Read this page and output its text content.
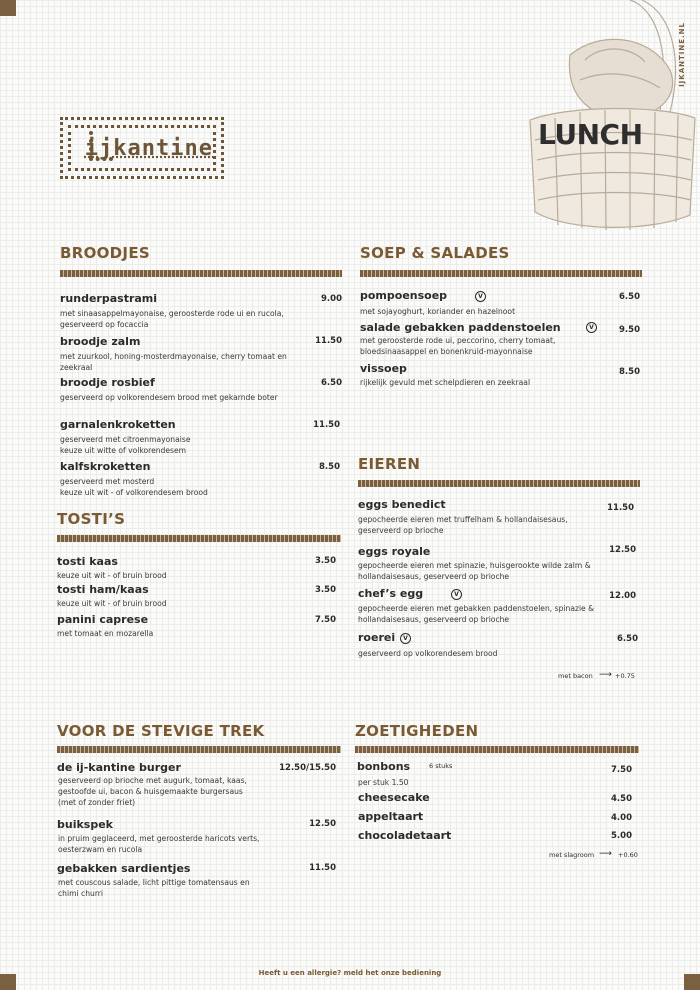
IJKANTINE.NL
ijkantine	LUNCH
BROODJES
runderpastrami	9.00
met sinaasappelmayonaise, geroosterde rode ui en rucola, geserveerd op focaccia
broodje zalm	11.50
met zuurkool, honing-mosterdmayonaise, cherry tomaat en zeekraal
broodje rosbief	6.50
geserveerd op volkorendesem brood met gekarnde boter
garnalenkroketten	11.50
geserveerd met citroenmayonaise
keuze uit witte of volkorendesem
kalfskroketten	8.50
geserveerd met mosterd
keuze uit wit - of volkorendesem brood
TOSTI’S
tosti kaas	3.50
keuze uit wit - of bruin brood
tosti ham/kaas	3.50
keuze uit wit - of bruin brood
panini caprese	7.50
met tomaat en mozarella
SOEP & SALADES
pompoensoep	V	6.50
met sojayoghurt, koriander en hazelnoot
salade gebakken paddenstoelen	V	9.50
met geroosterde rode ui, peccorino, cherry tomaat, bloedsinaasappel en bonenkruid-mayonnaise
vissoep	8.50
rijkelijk gevuld met schelpdieren en zeekraal
EIEREN
eggs benedict	11.50
gepocheerde eieren met truffelham & hollandaisesaus, geserveerd op brioche
eggs royale	12.50
gepocheerde eieren met spinazie, huisgerookte wilde zalm & hollandaisesaus, geserveerd op brioche
chef’s egg	V	12.00
gepocheerde eieren met gebakken paddenstoelen, spinazie & hollandaisesaus, geserveerd op brioche
roerei	V	6.50
geserveerd op volkorendesem brood
met bacon ⟶ +0.75
VOOR DE STEVIGE TREK
de ij-kantine burger	12.50/15.50
geserveerd op brioche met augurk, tomaat, kaas, gestoofde ui, bacon & huisgemaakte burgersaus (met of zonder friet)
buikspek	12.50
in pruim geglaceerd, met geroosterde haricots verts, oesterzwam en rucola
gebakken sardientjes	11.50
met couscous salade, licht pittige tomatensaus en chimi churri
ZOETIGHEDEN
bonbons	6 stuks	7.50
per stuk 1.50
cheesecake	4.50
appeltaart	4.00
chocoladetaart	5.00
met slagroom ⟶ +0.60
Heeft u een allergie? meld het onze bediening
